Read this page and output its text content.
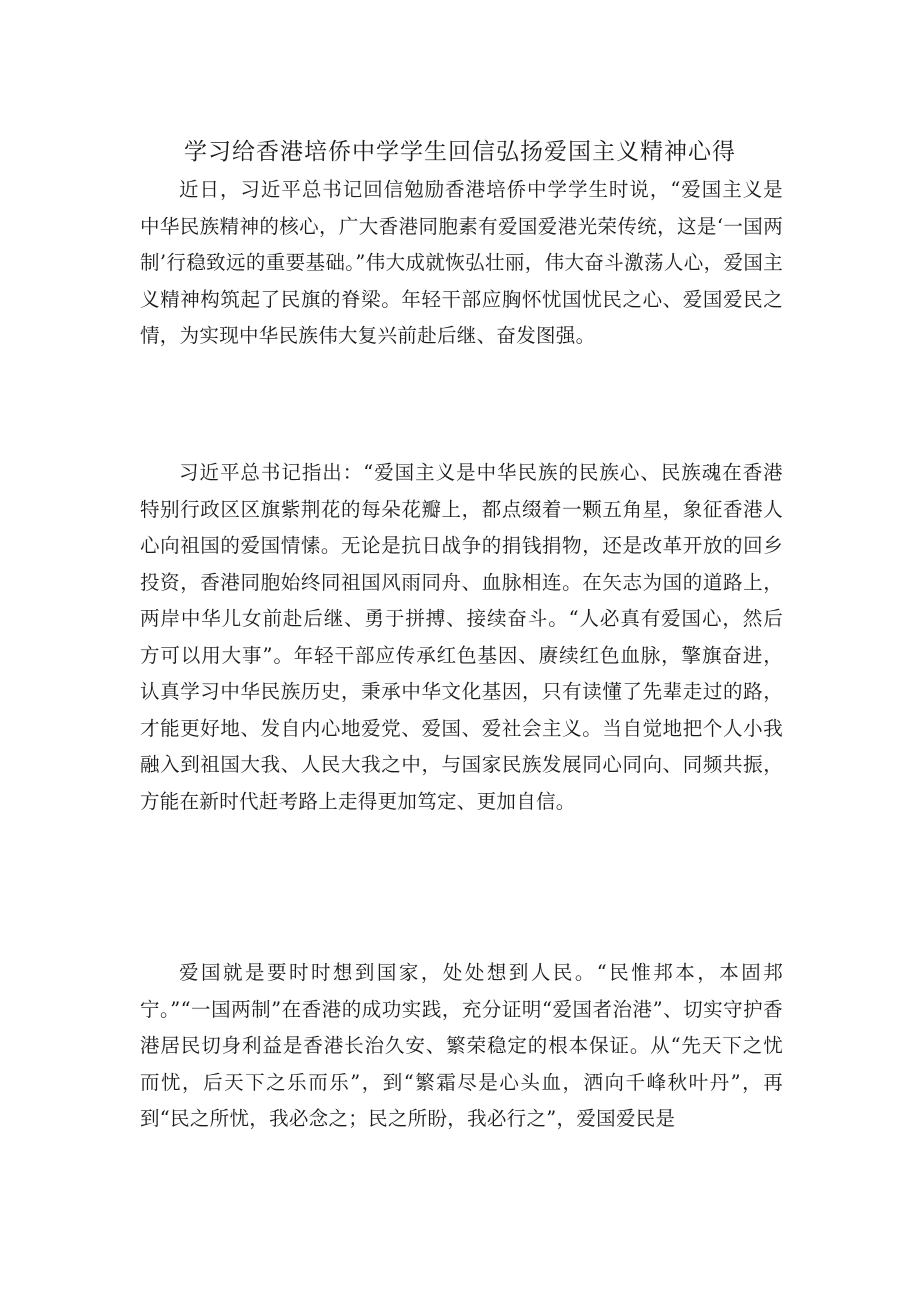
学习给香港培侨中学学生回信弘扬爱国主义精神心得

近日，习近平总书记回信勉励香港培侨中学学生时说，“爱国主义是中华民族精神的核心，广大香港同胞素有爱国爱港光荣传统，这是‘一国两制’行稳致远的重要基础。”伟大成就恢弘壮丽，伟大奋斗激荡人心，爱国主义精神构筑起了民旗的脊梁。年轻干部应胸怀忧国忧民之心、爱国爱民之情，为实现中华民族伟大复兴前赴后继、奋发图强。

习近平总书记指出：“爱国主义是中华民族的民族心、民族魂在香港特别行政区区旗紫荆花的每朵花瓣上，都点缀着一颗五角星，象征香港人心向祖国的爱国情愫。无论是抗日战争的捐钱捐物，还是改革开放的回乡投资，香港同胞始终同祖国风雨同舟、血脉相连。在矢志为国的道路上，两岸中华儿女前赴后继、勇于拼搏、接续奋斗。“人必真有爱国心，然后方可以用大事”。年轻干部应传承红色基因、赓续红色血脉，擎旗奋进，认真学习中华民族历史，秉承中华文化基因，只有读懂了先辈走过的路，才能更好地、发自内心地爱党、爱国、爱社会主义。当自觉地把个人小我融入到祖国大我、人民大我之中，与国家民族发展同心同向、同频共振，方能在新时代赶考路上走得更加笃定、更加自信。

爱国就是要时时想到国家，处处想到人民。“民惟邦本，本固邦宁。”“一国两制”在香港的成功实践，充分证明“爱国者治港”、切实守护香港居民切身利益是香港长治久安、繁荣稳定的根本保证。从“先天下之忧而忧，后天下之乐而乐”，到“繁霜尽是心头血，洒向千峰秋叶丹”，再到“民之所忧，我必念之；民之所盼，我必行之”，爱国爱民是
